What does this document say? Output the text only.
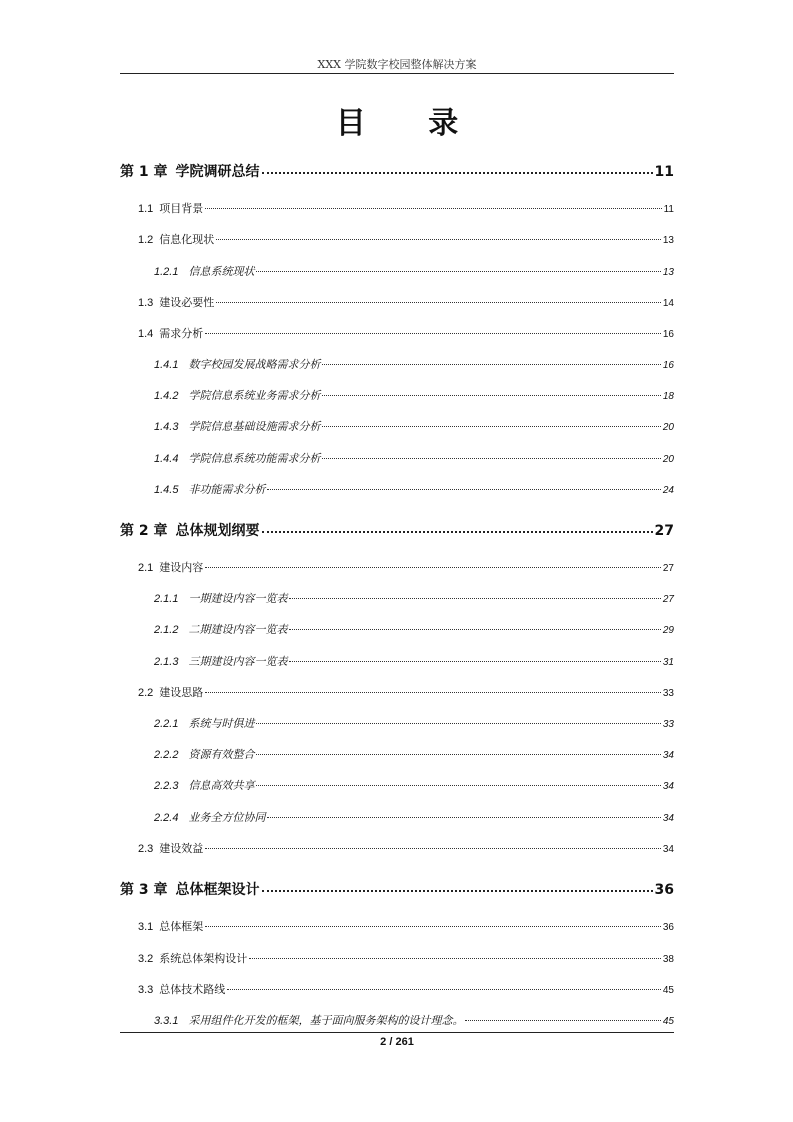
XXX 学院数字校园整体解决方案
目 录
第 1 章 学院调研总结	11
1.1 项目背景	11
1.2 信息化现状	13
1.2.1 信息系统现状	13
1.3 建设必要性	14
1.4 需求分析	16
1.4.1 数字校园发展战略需求分析	16
1.4.2 学院信息系统业务需求分析	18
1.4.3 学院信息基础设施需求分析	20
1.4.4 学院信息系统功能需求分析	20
1.4.5 非功能需求分析	24
第 2 章 总体规划纲要	27
2.1 建设内容	27
2.1.1 一期建设内容一览表	27
2.1.2 二期建设内容一览表	29
2.1.3 三期建设内容一览表	31
2.2 建设思路	33
2.2.1 系统与时俱进	33
2.2.2 资源有效整合	34
2.2.3 信息高效共享	34
2.2.4 业务全方位协同	34
2.3 建设效益	34
第 3 章 总体框架设计	36
3.1 总体框架	36
3.2 系统总体架构设计	38
3.3 总体技术路线	45
3.3.1 采用组件化开发的框架，基于面向服务架构的设计理念。	45
2 / 261
